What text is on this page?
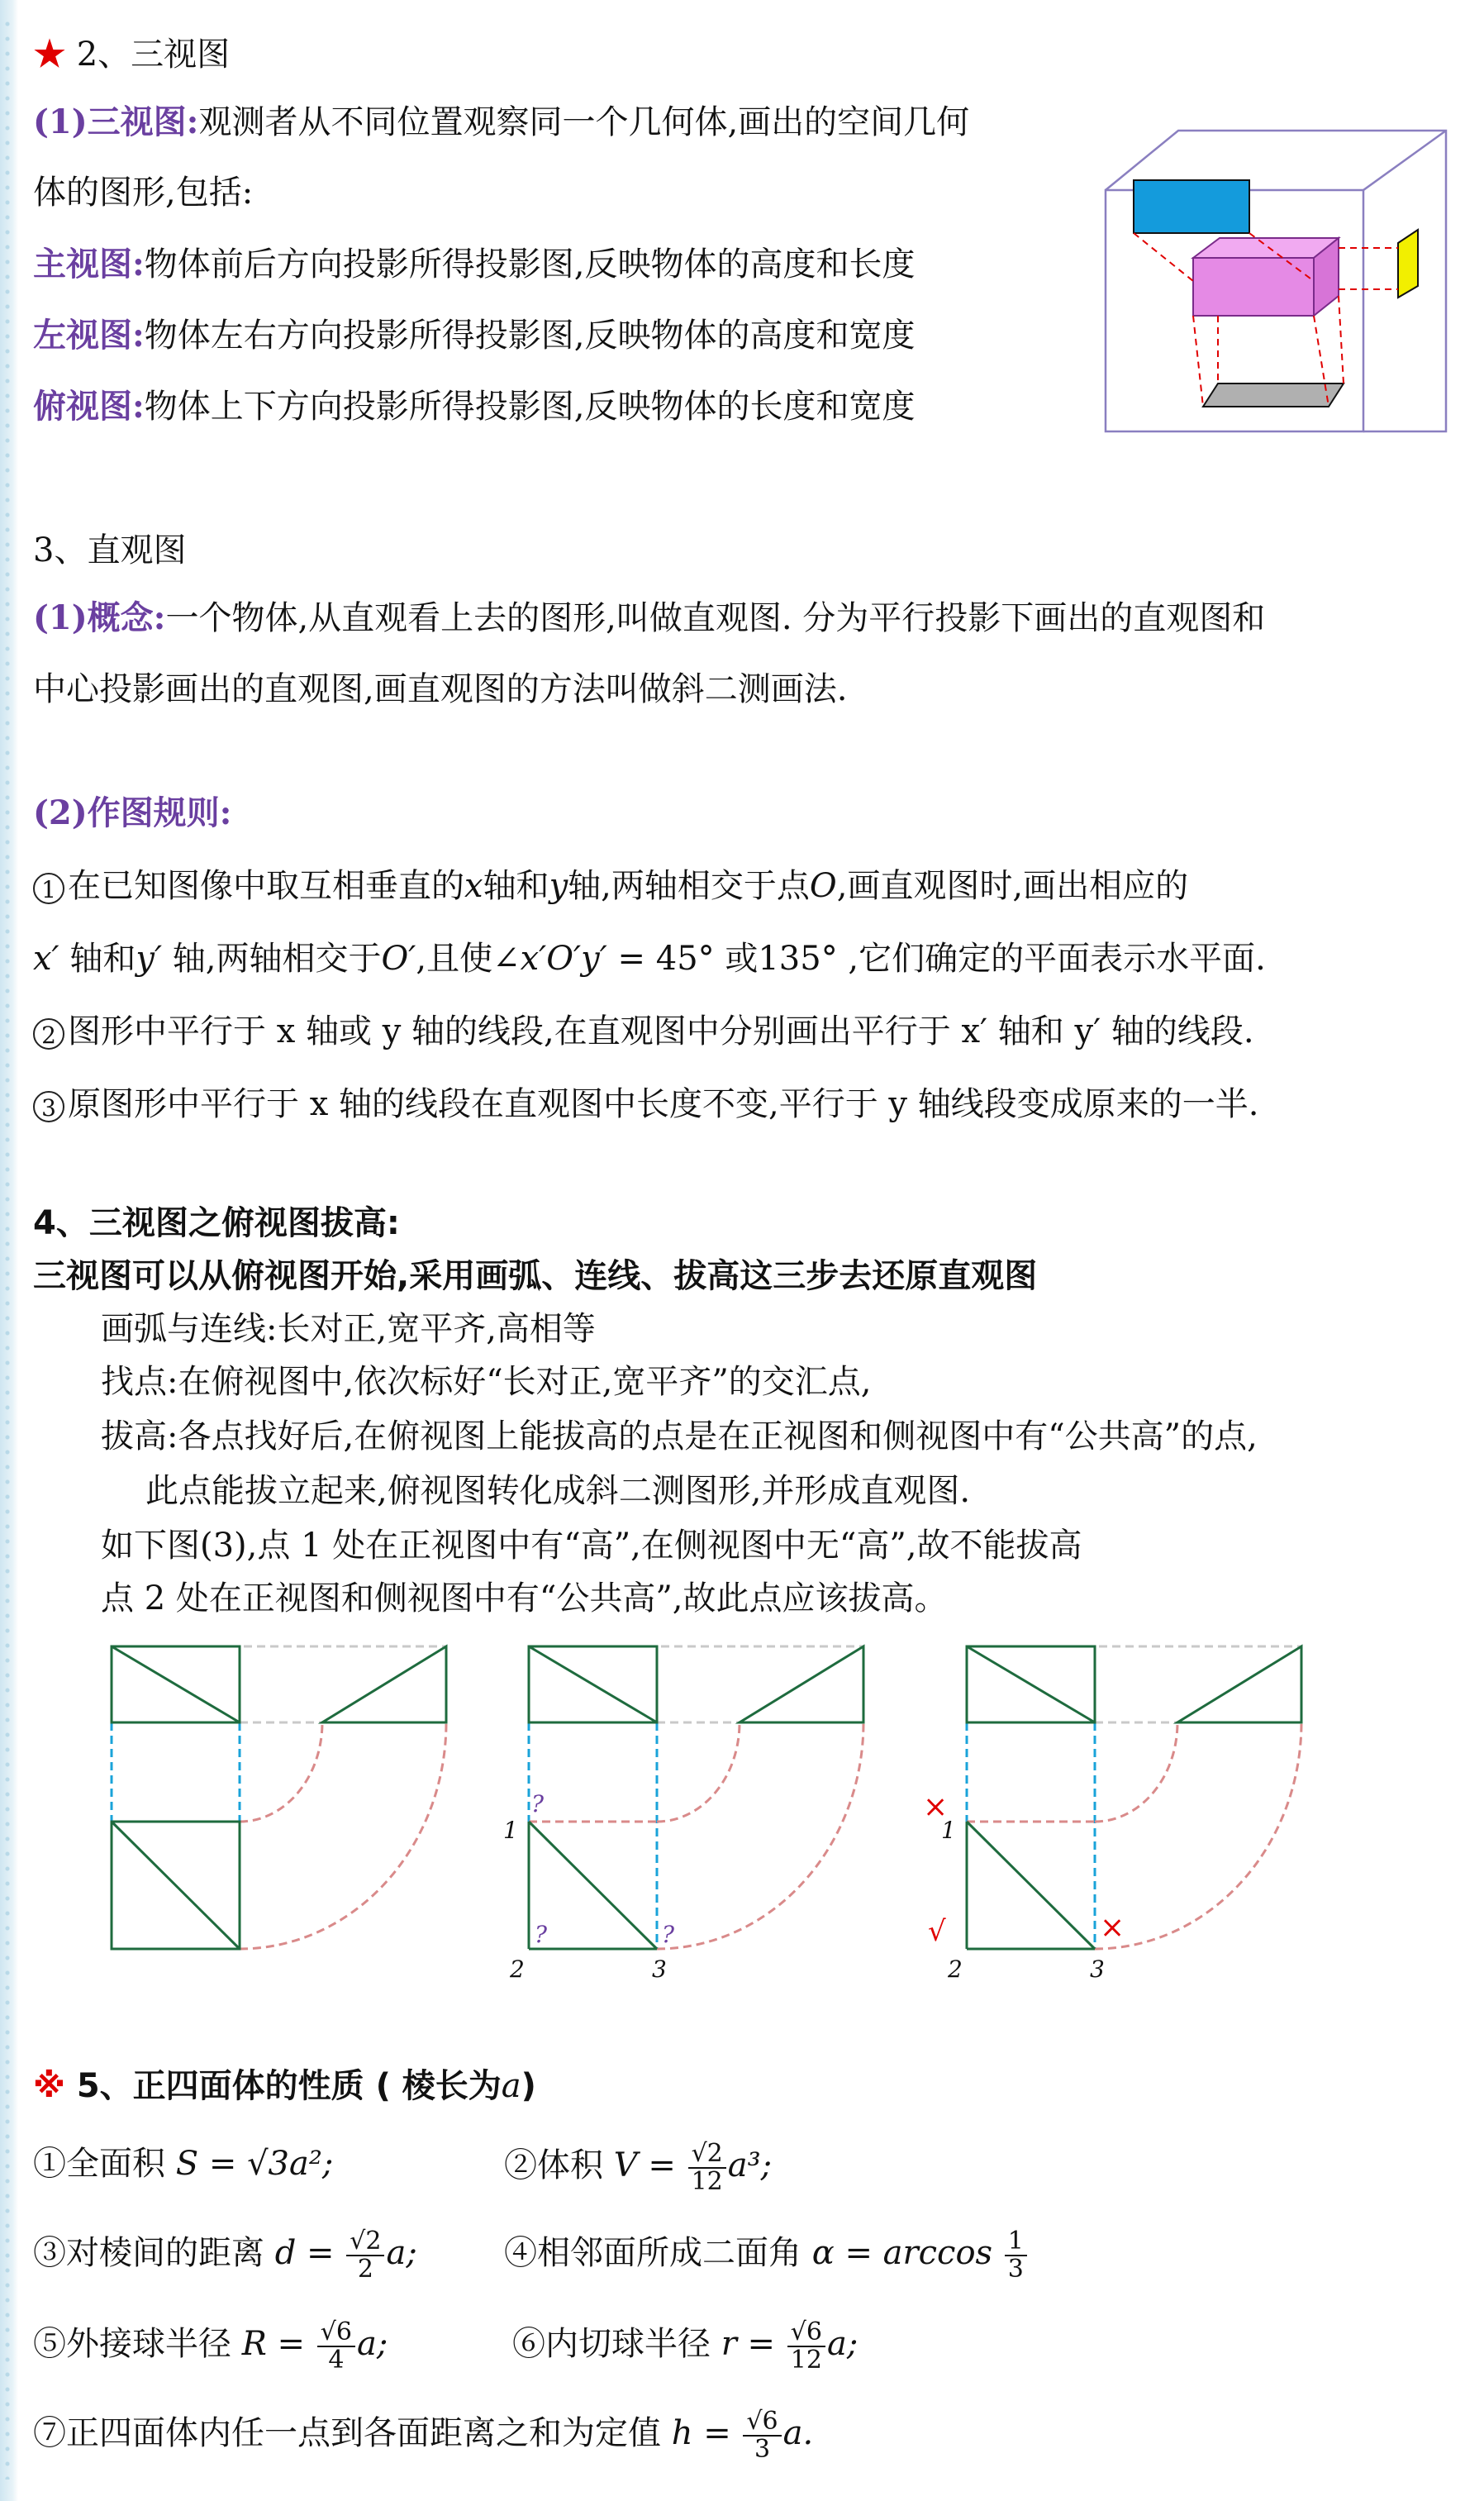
★ 2、三视图
(1)三视图:观测者从不同位置观察同一个几何体,画出的空间几何
体的图形,包括:
主视图:物体前后方向投影所得投影图,反映物体的高度和长度
左视图:物体左右方向投影所得投影图,反映物体的高度和宽度
俯视图:物体上下方向投影所得投影图,反映物体的长度和宽度
3、直观图
(1)概念:一个物体,从直观看上去的图形,叫做直观图. 分为平行投影下画出的直观图和
中心投影画出的直观图,画直观图的方法叫做斜二测画法.
(2)作图规则:
1 在已知图像中取互相垂直的x轴和y轴,两轴相交于点O,画直观图时,画出相应的
x′ 轴和y′ 轴,两轴相交于O′,且使∠x′O′y′ = 45° 或135° ,它们确定的平面表示水平面.
2 图形中平行于 x 轴或 y 轴的线段,在直观图中分别画出平行于 x′ 轴和 y′ 轴的线段.
3 原图形中平行于 x 轴的线段在直观图中长度不变,平行于 y 轴线段变成原来的一半.
4、三视图之俯视图拔高:
三视图可以从俯视图开始,采用画弧、连线、拔高这三步去还原直观图
画弧与连线:长对正,宽平齐,高相等
找点:在俯视图中,依次标好“长对正,宽平齐”的交汇点,
拔高:各点找好后,在俯视图上能拔高的点是在正视图和侧视图中有“公共高”的点,
此点能拔立起来,俯视图转化成斜二测图形,并形成直观图.
如下图(3),点 1 处在正视图中有“高”,在侧视图中无“高”,故不能拔高
点 2 处在正视图和侧视图中有“公共高”,故此点应该拔高。
?
?	?
1
2	3
×
√	×
1
2	3
※ 5、正四面体的性质 ( 棱长为a)
①全面积 S = √3a²;	②体积 $V = \frac{√2}{12} a^3$;
③对棱间的距离 $d = \frac{√2}{2} a$;	④相邻面所成二面角 $\alpha = \arccos \frac{1}{3}$
⑤外接球半径 $R = \frac{√6}{4} a$;	⑥内切球半径 $r = \frac{√6}{12} a$;
⑦正四面体内任一点到各面距离之和为定值 $h = \frac{√6}{3} a$.
